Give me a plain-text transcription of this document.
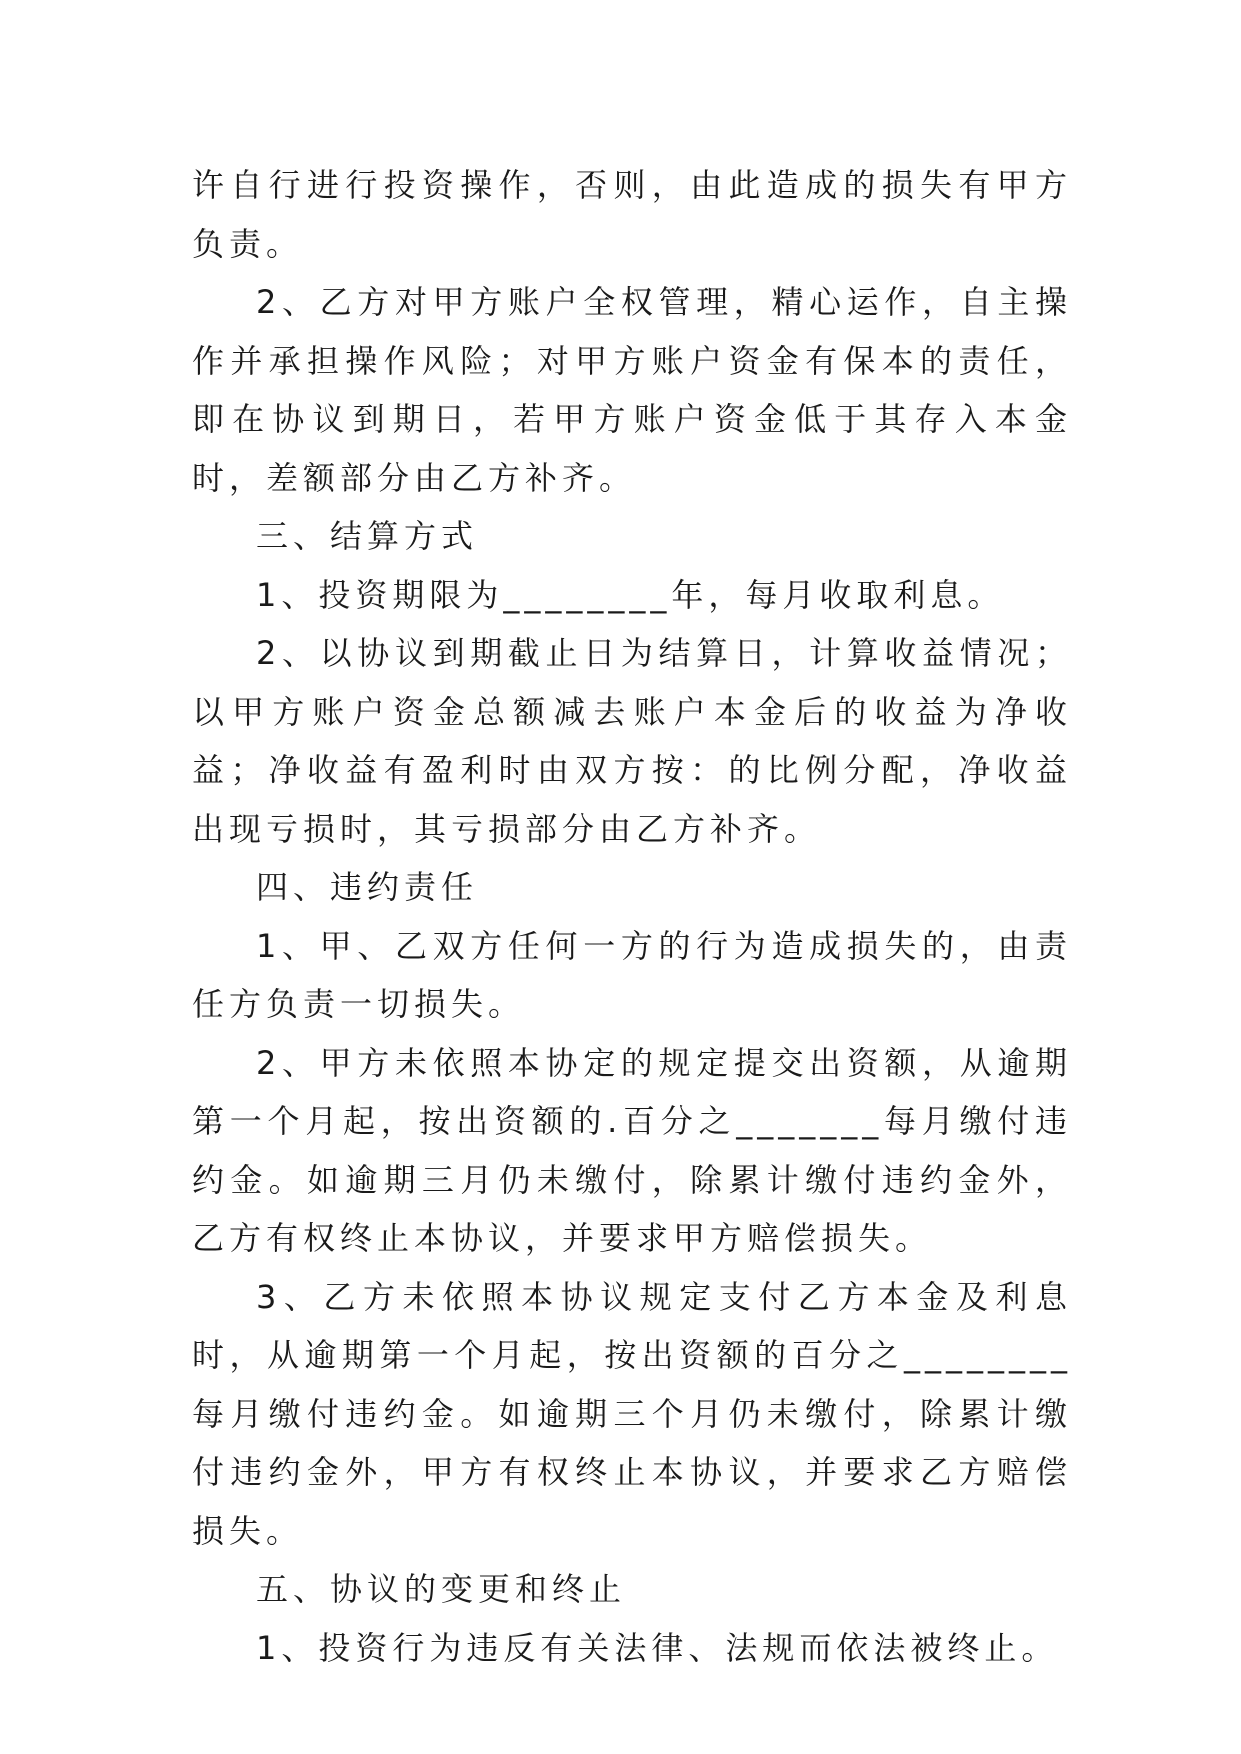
许自行进行投资操作，否则，由此造成的损失有甲方负责。

2、乙方对甲方账户全权管理，精心运作，自主操作并承担操作风险；对甲方账户资金有保本的责任，即在协议到期日，若甲方账户资金低于其存入本金时，差额部分由乙方补齐。

三、结算方式

1、投资期限为________年，每月收取利息。

2、以协议到期截止日为结算日，计算收益情况；以甲方账户资金总额减去账户本金后的收益为净收益；净收益有盈利时由双方按：的比例分配，净收益出现亏损时，其亏损部分由乙方补齐。

四、违约责任

1、甲、乙双方任何一方的行为造成损失的，由责任方负责一切损失。

2、甲方未依照本协定的规定提交出资额，从逾期第一个月起，按出资额的.百分之_______每月缴付违约金。如逾期三月仍未缴付，除累计缴付违约金外，乙方有权终止本协议，并要求甲方赔偿损失。

3、乙方未依照本协议规定支付乙方本金及利息时，从逾期第一个月起，按出资额的百分之________每月缴付违约金。如逾期三个月仍未缴付，除累计缴付违约金外，甲方有权终止本协议，并要求乙方赔偿损失。

五、协议的变更和终止

1、投资行为违反有关法律、法规而依法被终止。
